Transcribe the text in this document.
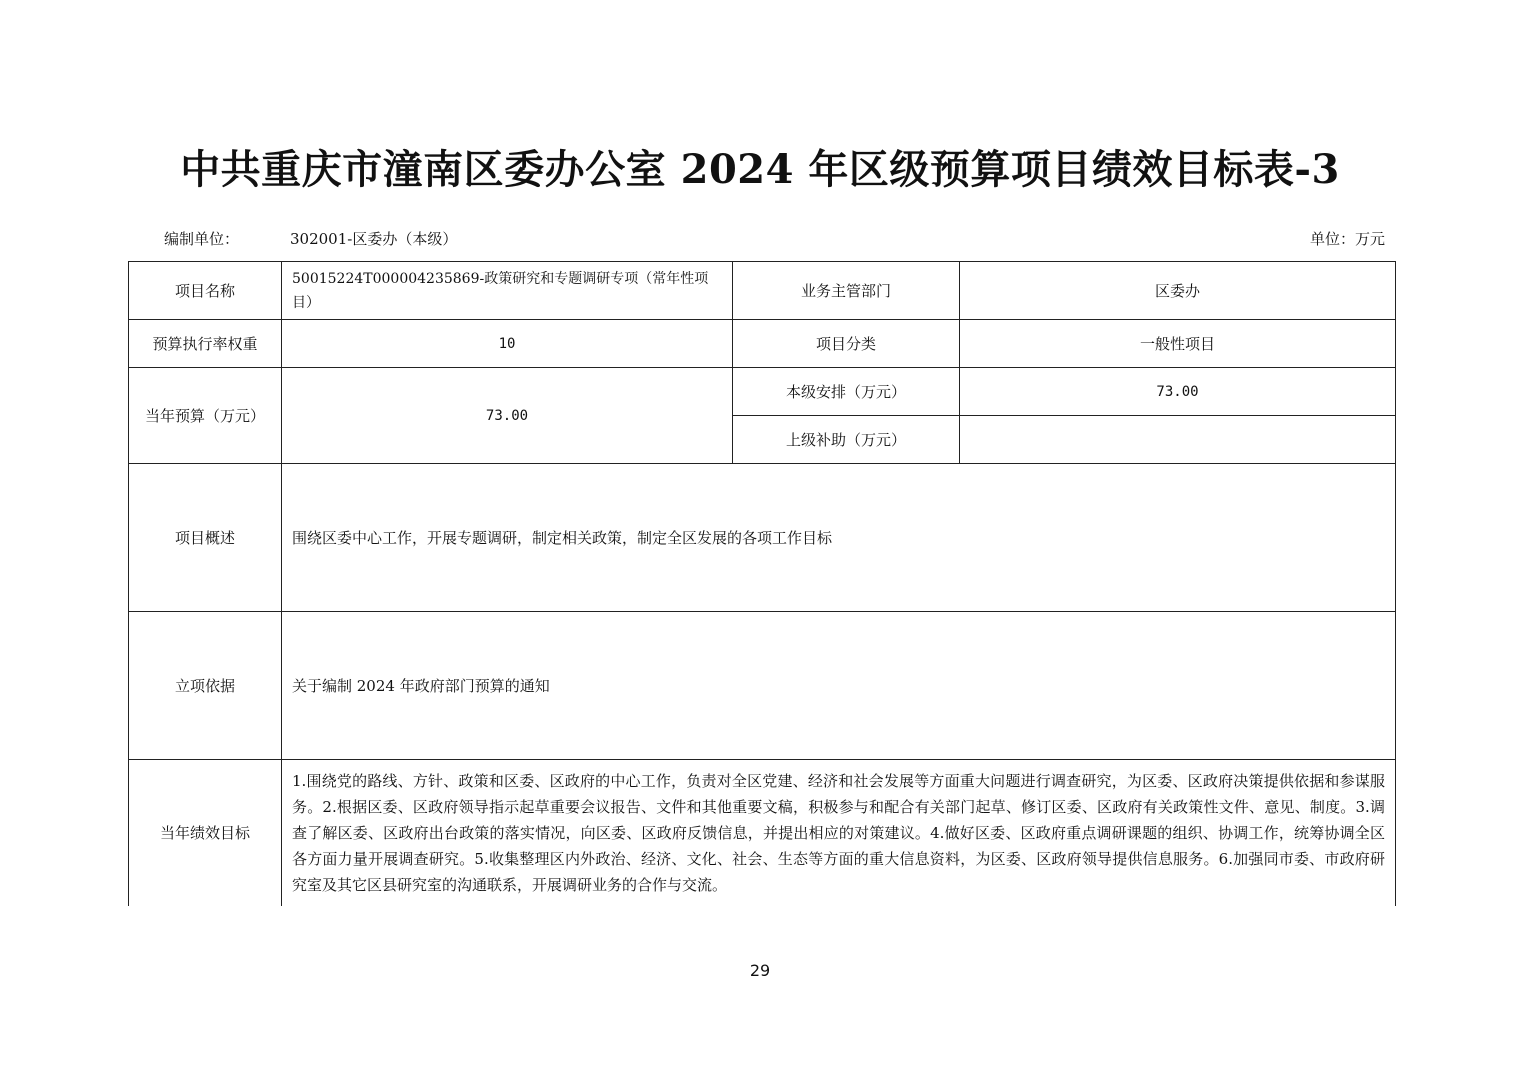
中共重庆市潼南区委办公室 2024 年区级预算项目绩效目标表-3
编制单位：	302001-区委办（本级）	单位：万元
项目名称	50015224T000004235869-政策研究和专题调研专项（常年性项目）	业务主管部门	区委办
预算执行率权重	10	项目分类	一般性项目
当年预算（万元）	73.00	本级安排（万元）	73.00
		上级补助（万元）	
项目概述	围绕区委中心工作，开展专题调研，制定相关政策，制定全区发展的各项工作目标		
立项依据	关于编制 2024 年政府部门预算的通知		
当年绩效目标	1.围绕党的路线、方针、政策和区委、区政府的中心工作，负责对全区党建、经济和社会发展等方面重大问题进行调查研究，为区委、区政府决策提供依据和参谋服务。2.根据区委、区政府领导指示起草重要会议报告、文件和其他重要文稿，积极参与和配合有关部门起草、修订区委、区政府有关政策性文件、意见、制度。3.调查了解区委、区政府出台政策的落实情况，向区委、区政府反馈信息，并提出相应的对策建议。4.做好区委、区政府重点调研课题的组织、协调工作，统筹协调全区各方面力量开展调查研究。5.收集整理区内外政治、经济、文化、社会、生态等方面的重大信息资料，为区委、区政府领导提供信息服务。6.加强同市委、市政府研究室及其它区县研究室的沟通联系，开展调研业务的合作与交流。		
29
